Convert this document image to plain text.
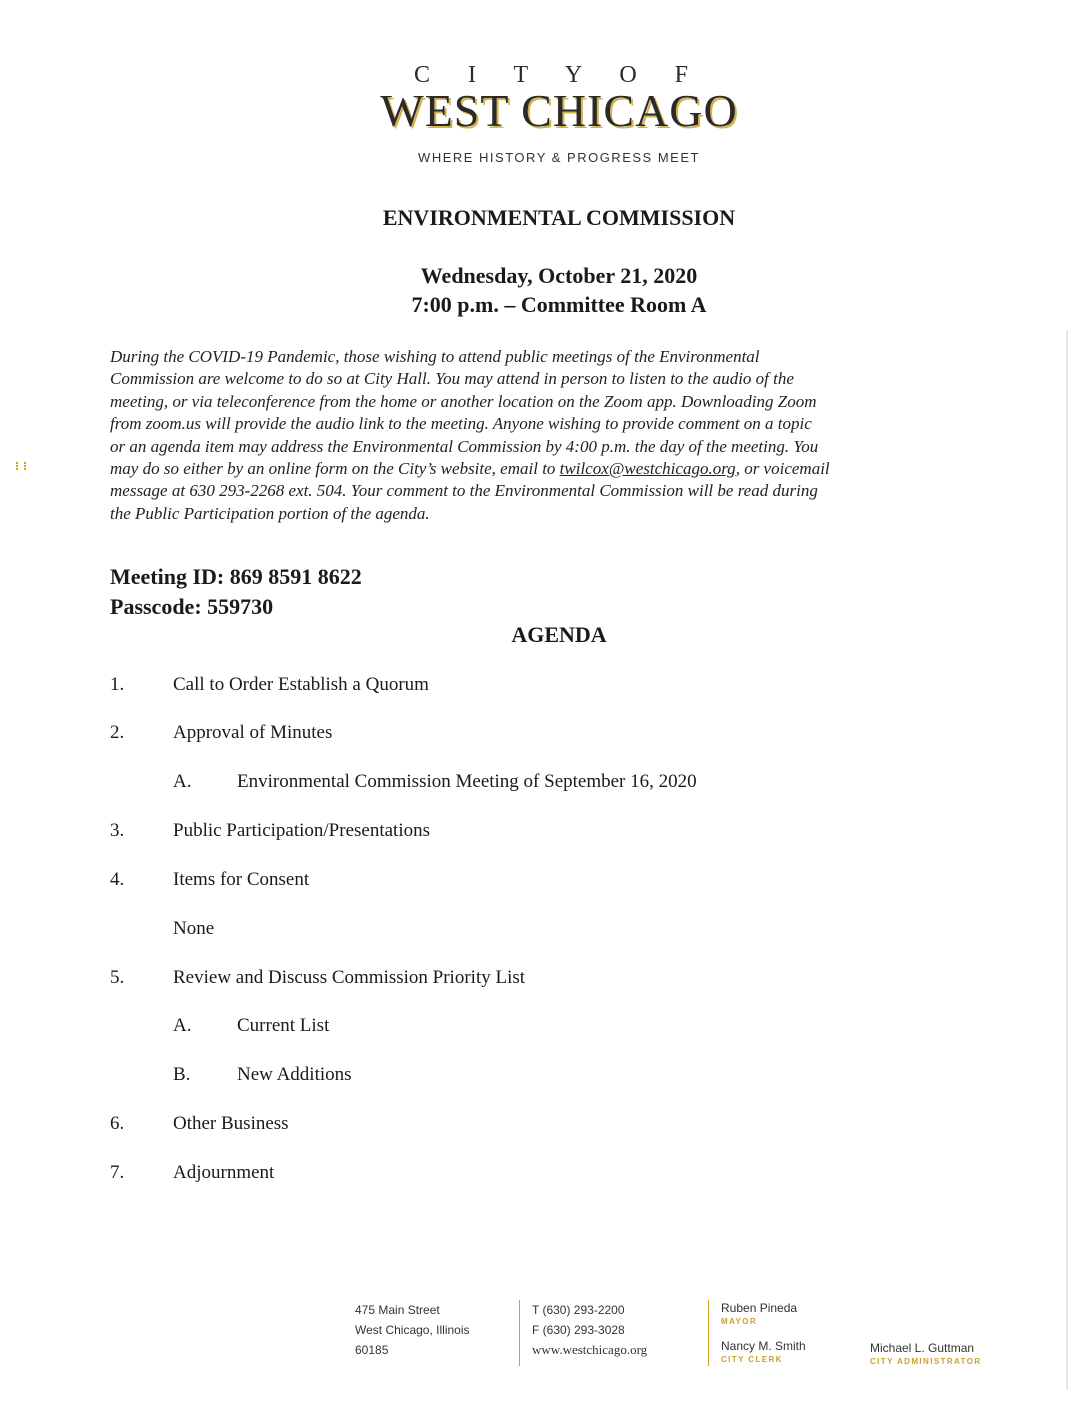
C I T Y O F
WEST CHICAGO
WHERE HISTORY & PROGRESS MEET
ENVIRONMENTAL COMMISSION
Wednesday, October 21, 2020
7:00 p.m. – Committee Room A
During the COVID-19 Pandemic, those wishing to attend public meetings of the Environmental
Commission are welcome to do so at City Hall. You may attend in person to listen to the audio of the
meeting, or via teleconference from the home or another location on the Zoom app. Downloading Zoom
from zoom.us will provide the audio link to the meeting. Anyone wishing to provide comment on a topic
or an agenda item may address the Environmental Commission by 4:00 p.m. the day of the meeting. You
may do so either by an online form on the City’s website, email to twilcox@westchicago.org, or voicemail
message at 630 293-2268 ext. 504. Your comment to the Environmental Commission will be read during
the Public Participation portion of the agenda.
Meeting ID: 869 8591 8622
Passcode: 559730
AGENDA
1.	Call to Order Establish a Quorum
2.	Approval of Minutes
A. Environmental Commission Meeting of September 16, 2020
3.	Public Participation/Presentations
4.	Items for Consent
None
5.	Review and Discuss Commission Priority List
A. Current List
B. New Additions
6.	Other Business
7.	Adjournment
475 Main Street
West Chicago, Illinois
60185
T (630) 293-2200
F (630) 293-3028
www.westchicago.org
Ruben Pineda
MAYOR
Nancy M. Smith
CITY CLERK
Michael L. Guttman
CITY ADMINISTRATOR
